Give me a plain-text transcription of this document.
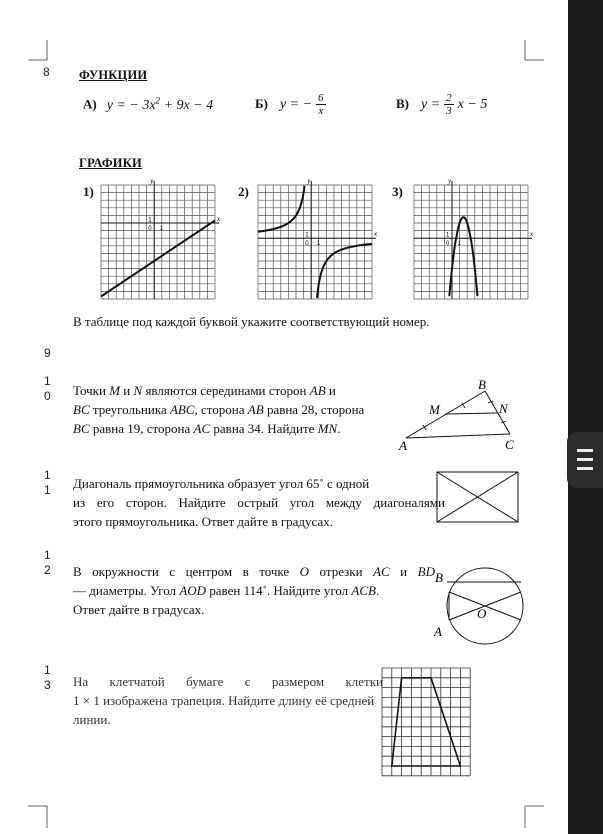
8
9
1
0
1
1
1
2
1
3
ФУНКЦИИ
А) y = − $3x^2 + 9x - 4$	Б) y = − $\frac{6}{x}$	В) $y = \frac{2}{3}$ x − 5
ГРАФИКИ
1)	2)	3)
y
x
0
1
1
y
x
0
1
1
y
x
0
1
1
В таблице под каждой буквой укажите соответствующий номер.
Точки M и N являются серединами сторон AB и
BC треугольника ABC, сторона AB равна 28, сторона
BC равна 19, сторона AC равна 34. Найдите MN.
B
M	N
A	C
Диагональ прямоугольника образует угол 65˚ с одной
из его сторон. Найдите острый угол между диагоналями
этого прямоугольника. Ответ дайте в градусах.
В окружности с центром в точке O отрезки AC и BD
— диаметры. Угол AOD равен 114˚. Найдите угол ACB.
Ответ дайте в градусах.
B
O
A
На клетчатой бумаге с размером клетки
1 × 1 изображена трапеция. Найдите длину её средней
линии.
